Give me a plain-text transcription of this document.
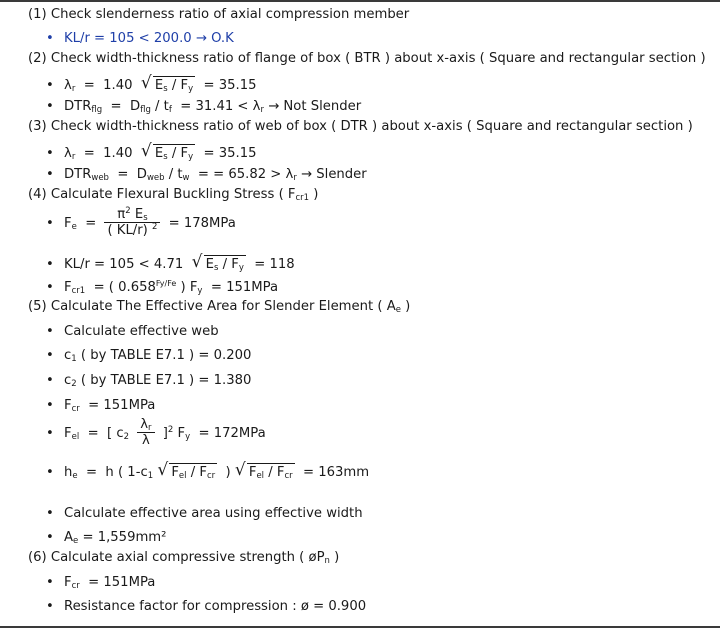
(1) Check slenderness ratio of axial compression member
• KL/r = 105 < 200.0 → O.K
(2) Check width-thickness ratio of flange of box ( BTR ) about x-axis ( Square and rectangular section )
• $\lambda_r = 1.40$ √ $E_s / F_y = 35.15$
• $DTR_{flg} = D_{flg} / t_f = 31.41 < \lambda_r$ → Not Slender
(3) Check width-thickness ratio of web of box ( DTR ) about x-axis ( Square and rectangular section )
• $\lambda_r = 1.40$ √ $E_s / F_y = 35.15$
• $DTR_{web} = D_{web} / t_w$  = = $65.82 > \lambda_r$ → Slender
(4) Calculate Flexural Buckling Stress ( $F_{cr1}$ )
• $F_e = \frac{\pi^2 E_s}{( KL/r) ^2} = 178MPa$
• KL/r = 105 < 4.71 √ $E_s / F_y = 118$
• $F_{cr1}$ = ( $0.658^{Fy/Fe}$ ) $F_y = 151MPa$
(5) Calculate The Effective Area for Slender Element ( $A_e$ )
• Calculate effective web
• $c_1$ ( by TABLE E7.1 ) = 0.200
• $c_2$ ( by TABLE E7.1 ) = 1.380
• $F_{cr} = 151MPa$
• $F_{el}$  =  [ $c_2 \frac{\lambda_r}{\lambda} ]^2$ $F_y = 172MPa$
• $h_e = h$ ( $1-c_1$ √ $F_{el} / F_{cr}$  ) √ $F_{el} / F_{cr} = 163mm$
• Calculate effective area using effective width
• $A_e = 1,559mm^2$
(6) Calculate axial compressive strength ( $øP_n$ )
• $F_{cr} = 151MPa$
• Resistance factor for compression : ø = 0.900
